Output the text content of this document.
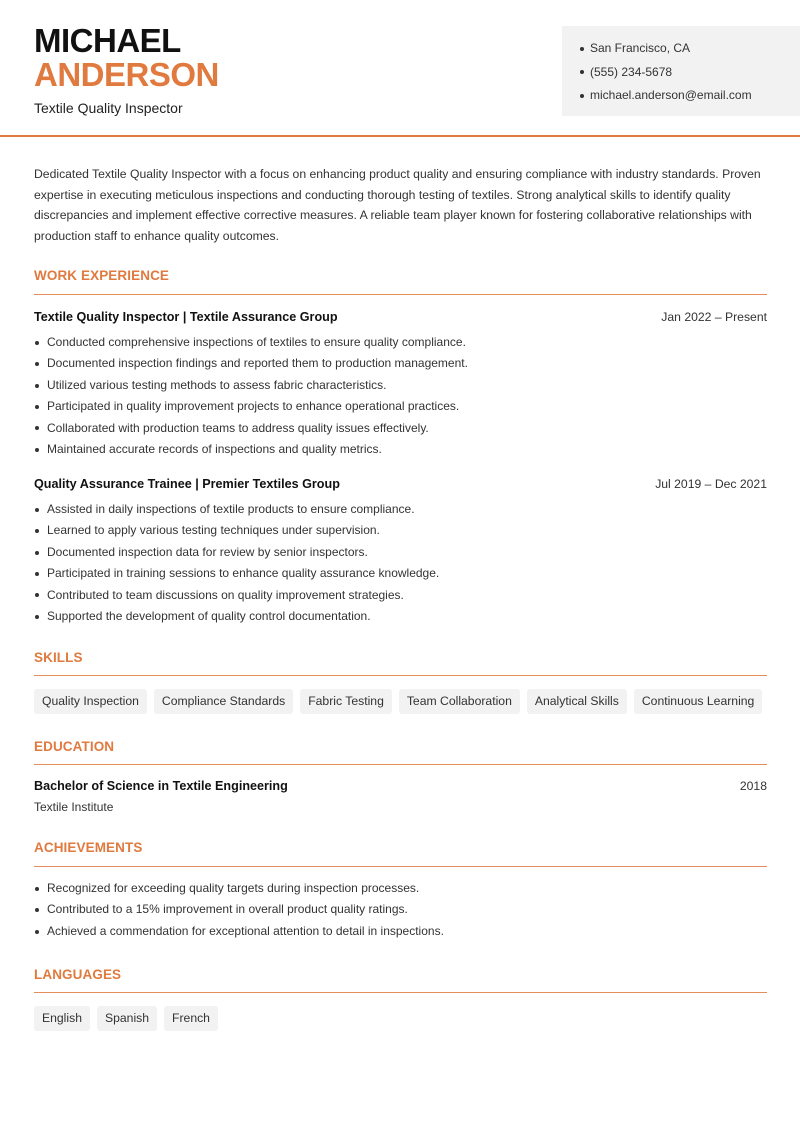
MICHAEL
ANDERSON
Textile Quality Inspector
San Francisco, CA
(555) 234-5678
michael.anderson@email.com

Dedicated Textile Quality Inspector with a focus on enhancing product quality and ensuring compliance with industry standards. Proven expertise in executing meticulous inspections and conducting thorough testing of textiles. Strong analytical skills to identify quality discrepancies and implement effective corrective measures. A reliable team player known for fostering collaborative relationships with production staff to enhance quality outcomes.

WORK EXPERIENCE
Textile Quality Inspector | Textile Assurance Group	Jan 2022 – Present
Conducted comprehensive inspections of textiles to ensure quality compliance.
Documented inspection findings and reported them to production management.
Utilized various testing methods to assess fabric characteristics.
Participated in quality improvement projects to enhance operational practices.
Collaborated with production teams to address quality issues effectively.
Maintained accurate records of inspections and quality metrics.
Quality Assurance Trainee | Premier Textiles Group	Jul 2019 – Dec 2021
Assisted in daily inspections of textile products to ensure compliance.
Learned to apply various testing techniques under supervision.
Documented inspection data for review by senior inspectors.
Participated in training sessions to enhance quality assurance knowledge.
Contributed to team discussions on quality improvement strategies.
Supported the development of quality control documentation.
SKILLS
Quality Inspection	Compliance Standards	Fabric Testing	Team Collaboration	Analytical Skills	Continuous Learning
EDUCATION
Bachelor of Science in Textile Engineering	2018
Textile Institute
ACHIEVEMENTS
Recognized for exceeding quality targets during inspection processes.
Contributed to a 15% improvement in overall product quality ratings.
Achieved a commendation for exceptional attention to detail in inspections.
LANGUAGES
English	Spanish	French
